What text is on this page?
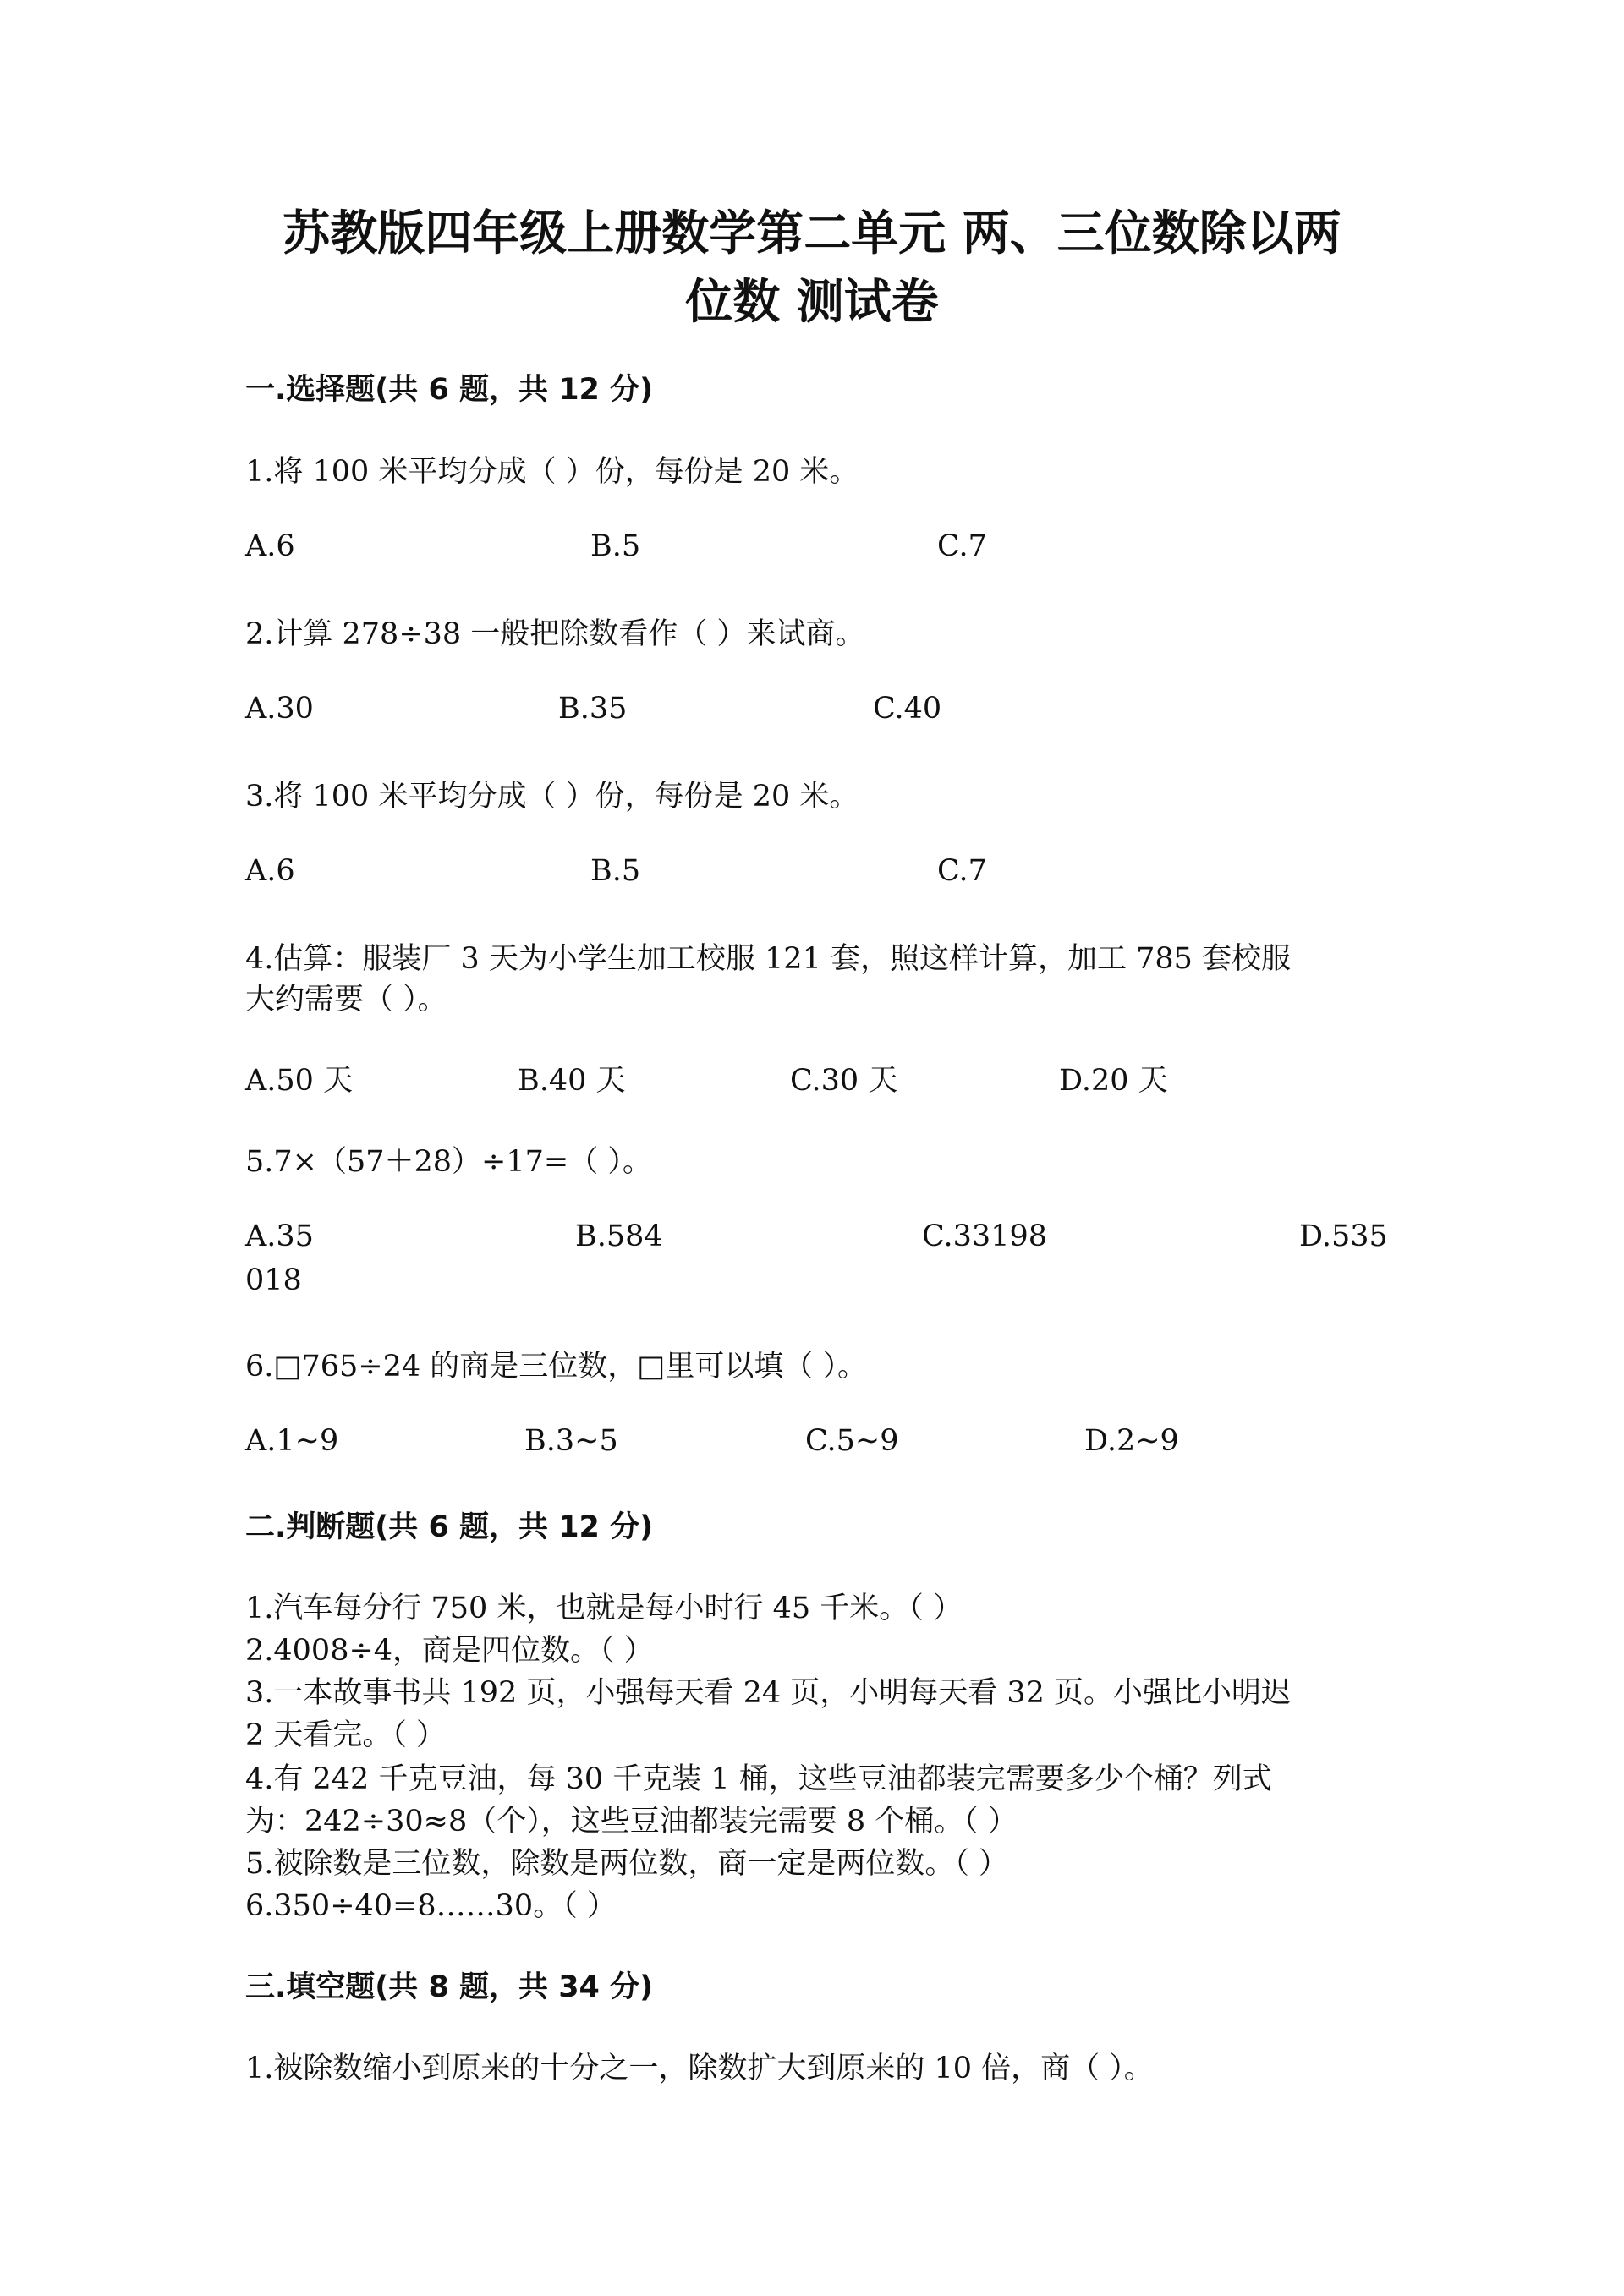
苏教版四年级上册数学第二单元 两、三位数除以两
位数 测试卷
一.选择题(共 6 题，共 12 分)
1.将 100 米平均分成（ ）份，每份是 20 米。
A.6	B.5	C.7
2.计算 278÷38 一般把除数看作（ ）来试商。
A.30	B.35	C.40
3.将 100 米平均分成（ ）份，每份是 20 米。
A.6	B.5	C.7
4.估算：服装厂 3 天为小学生加工校服 121 套，照这样计算，加工 785 套校服
大约需要（ ）。
A.50 天	B.40 天	C.30 天	D.20 天
5.7×（57＋28）÷17=（ ）。
A.35	B.584	C.33198	D.535
018
6.□765÷24 的商是三位数，□里可以填（ ）。
A.1~9	B.3~5	C.5~9	D.2~9
二.判断题(共 6 题，共 12 分)
1.汽车每分行 750 米，也就是每小时行 45 千米。（ ）
2.4008÷4，商是四位数。（ ）
3.一本故事书共 192 页，小强每天看 24 页，小明每天看 32 页。小强比小明迟
2 天看完。（ ）
4.有 242 千克豆油，每 30 千克装 1 桶，这些豆油都装完需要多少个桶？列式
为：242÷30≈8（个），这些豆油都装完需要 8 个桶。（ ）
5.被除数是三位数，除数是两位数，商一定是两位数。（ ）
6.350÷40=8……30。（ ）
三.填空题(共 8 题，共 34 分)
1.被除数缩小到原来的十分之一，除数扩大到原来的 10 倍，商（ ）。
